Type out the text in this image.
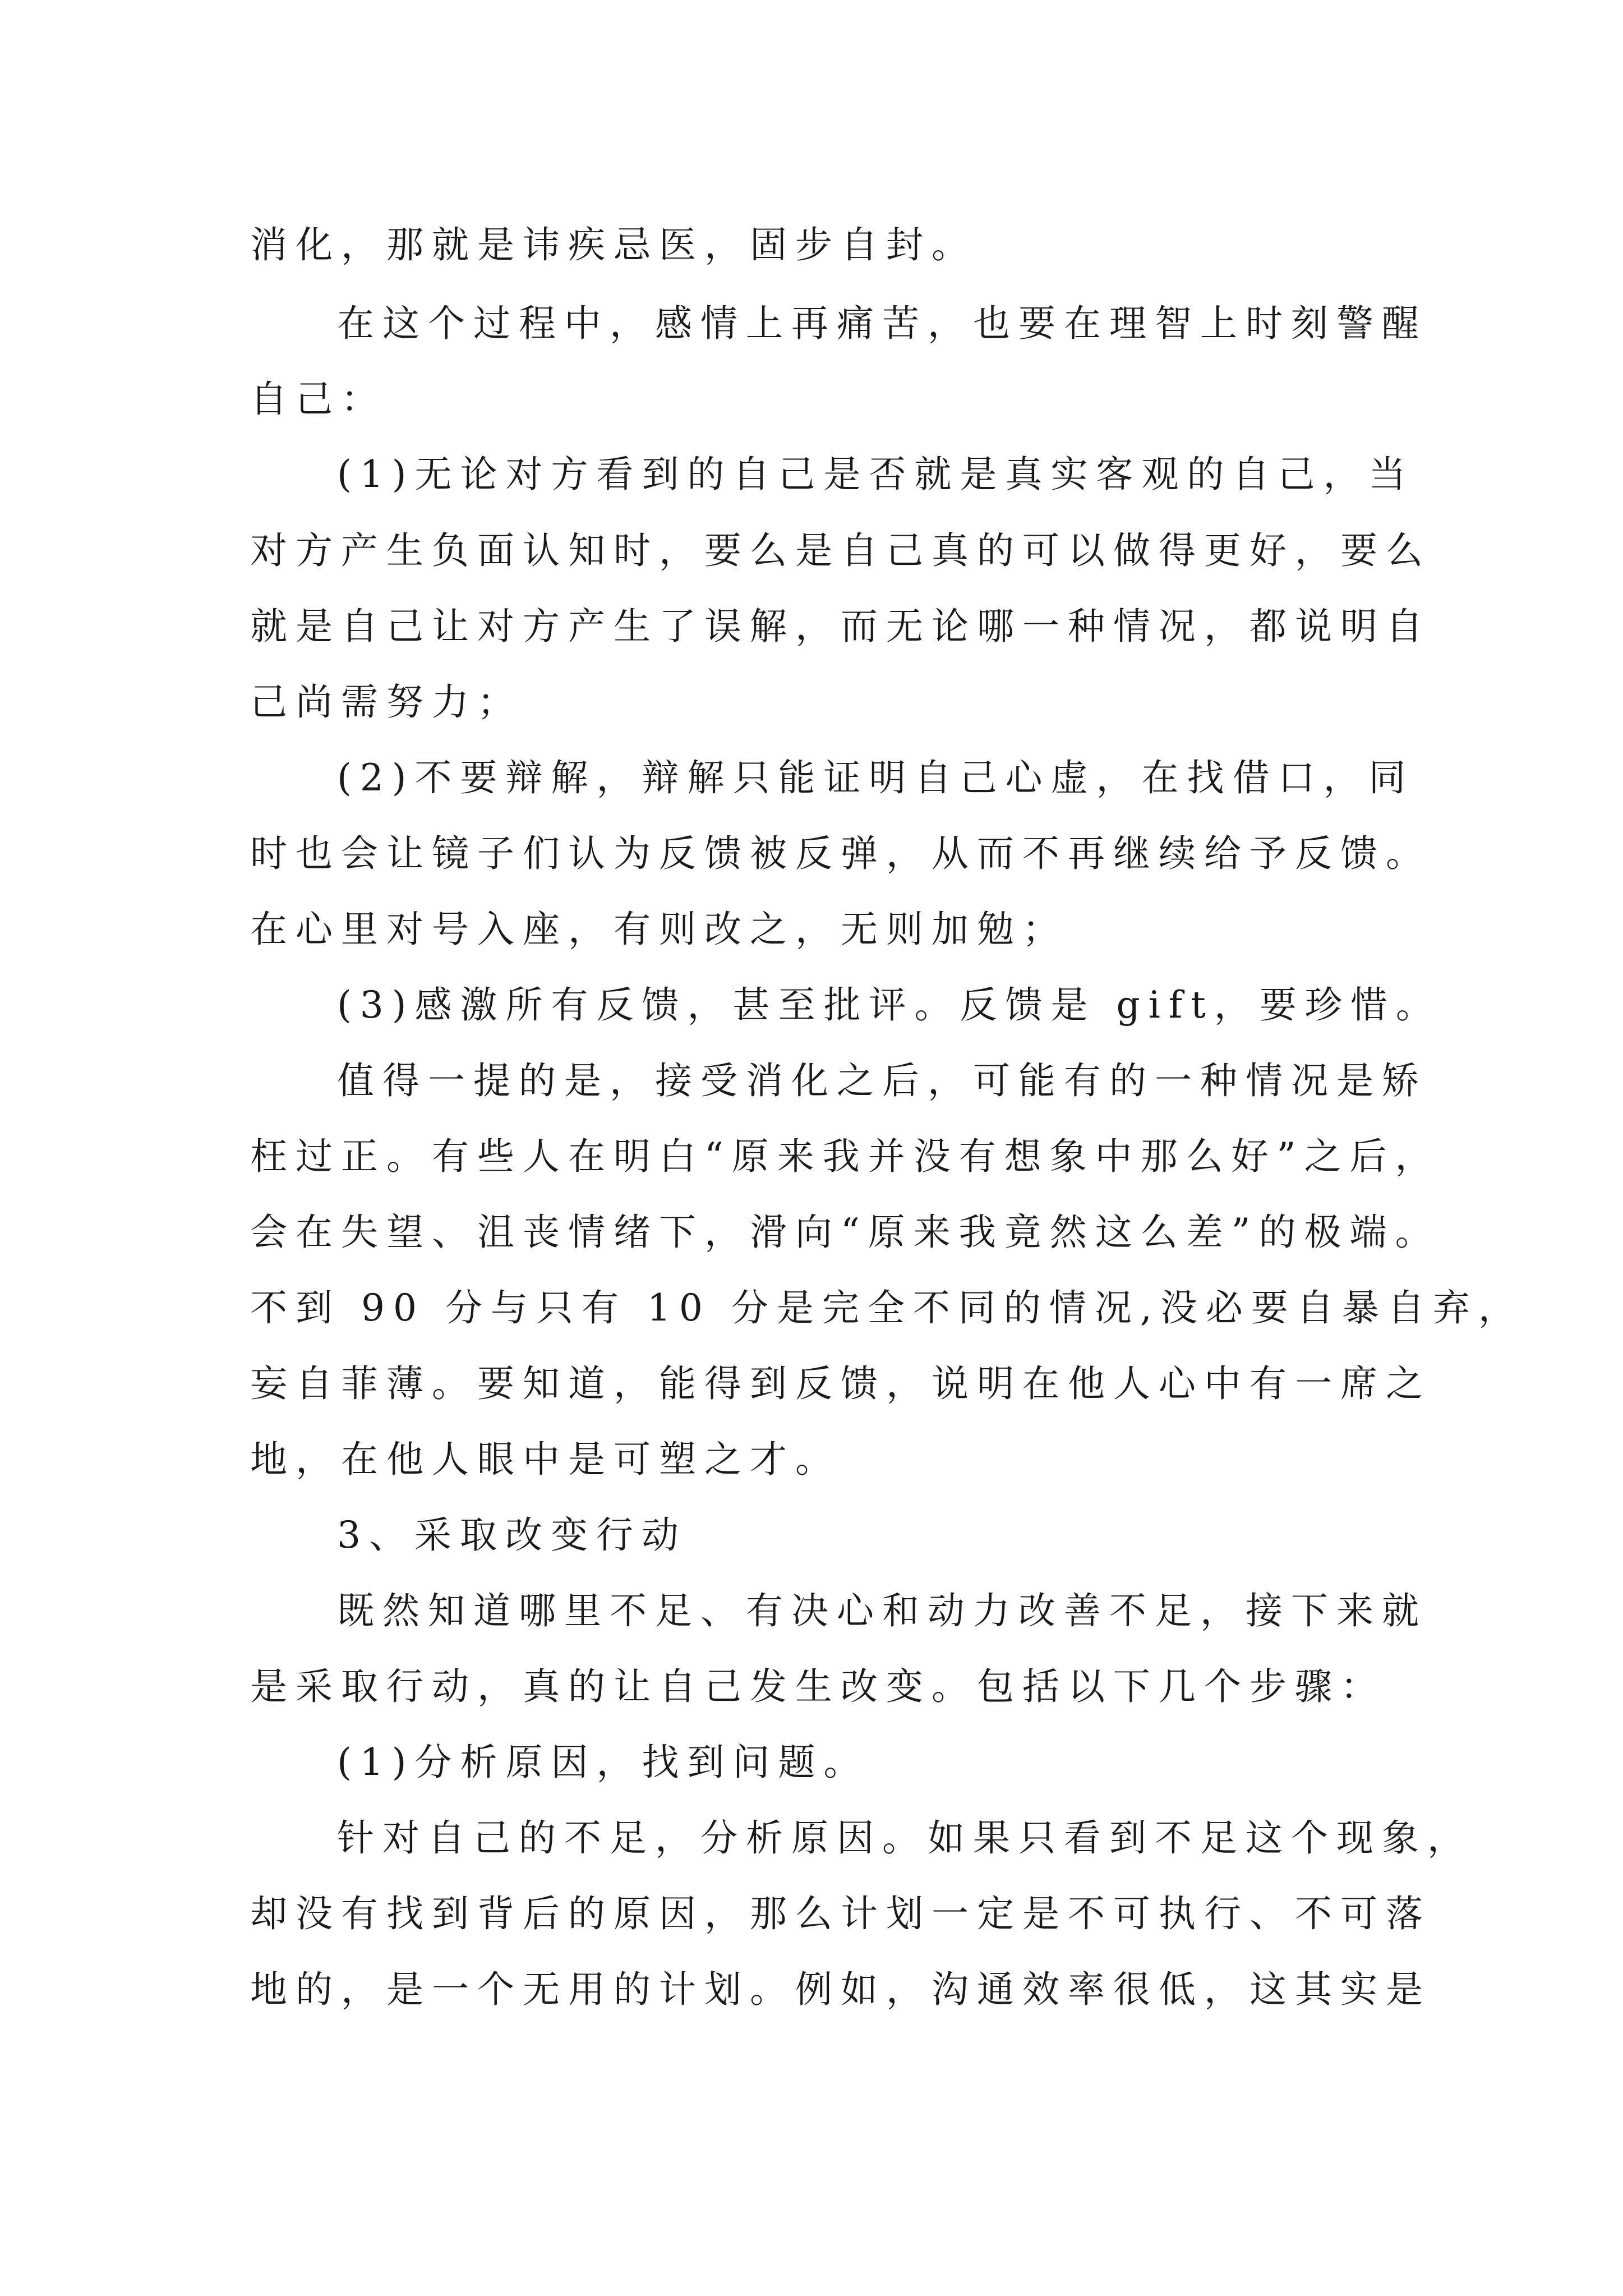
消化，那就是讳疾忌医，固步自封。

在这个过程中，感情上再痛苦，也要在理智上时刻警醒

自己：

(1)无论对方看到的自己是否就是真实客观的自己，当

对方产生负面认知时，要么是自己真的可以做得更好，要么

就是自己让对方产生了误解，而无论哪一种情况，都说明自

己尚需努力；

(2)不要辩解，辩解只能证明自己心虚，在找借口，同

时也会让镜子们认为反馈被反弹，从而不再继续给予反馈。

在心里对号入座，有则改之，无则加勉；

(3)感激所有反馈，甚至批评。反馈是 gift，要珍惜。

值得一提的是，接受消化之后，可能有的一种情况是矫

枉过正。有些人在明白“原来我并没有想象中那么好”之后，

会在失望、沮丧情绪下，滑向“原来我竟然这么差”的极端。

不到 90 分与只有 10 分是完全不同的情况,没必要自暴自弃，

妄自菲薄。要知道，能得到反馈，说明在他人心中有一席之

地，在他人眼中是可塑之才。

3、采取改变行动

既然知道哪里不足、有决心和动力改善不足，接下来就

是采取行动，真的让自己发生改变。包括以下几个步骤：

(1)分析原因，找到问题。

针对自己的不足，分析原因。如果只看到不足这个现象，

却没有找到背后的原因，那么计划一定是不可执行、不可落

地的，是一个无用的计划。例如，沟通效率很低，这其实是
